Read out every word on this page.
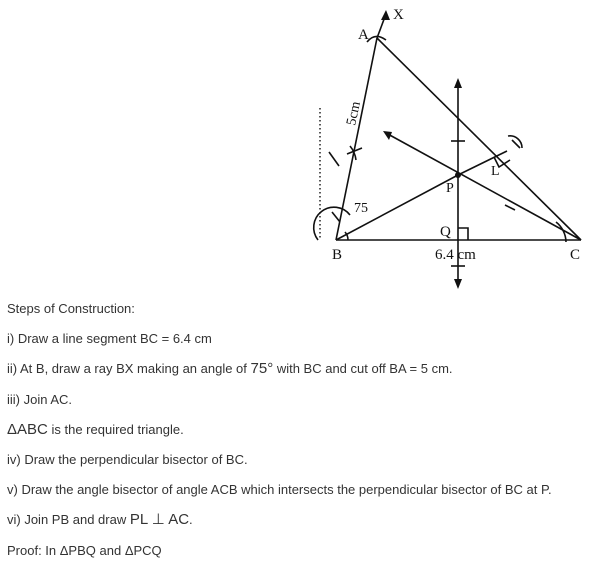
X
A
B	C
P
Q
L
75
6.4 cm
5cm
Steps of Construction:
i) Draw a line segment BC = 6.4 cm
ii) At B, draw a ray BX making an angle of 75° with BC and cut off BA = 5 cm.
iii) Join AC.
ΔABC is the required triangle.
iv) Draw the perpendicular bisector of BC.
v) Draw the angle bisector of angle ACB which intersects the perpendicular bisector of BC at P.
vi) Join PB and draw PL ⊥ AC.
Proof: In ΔPBQ and ΔPCQ
